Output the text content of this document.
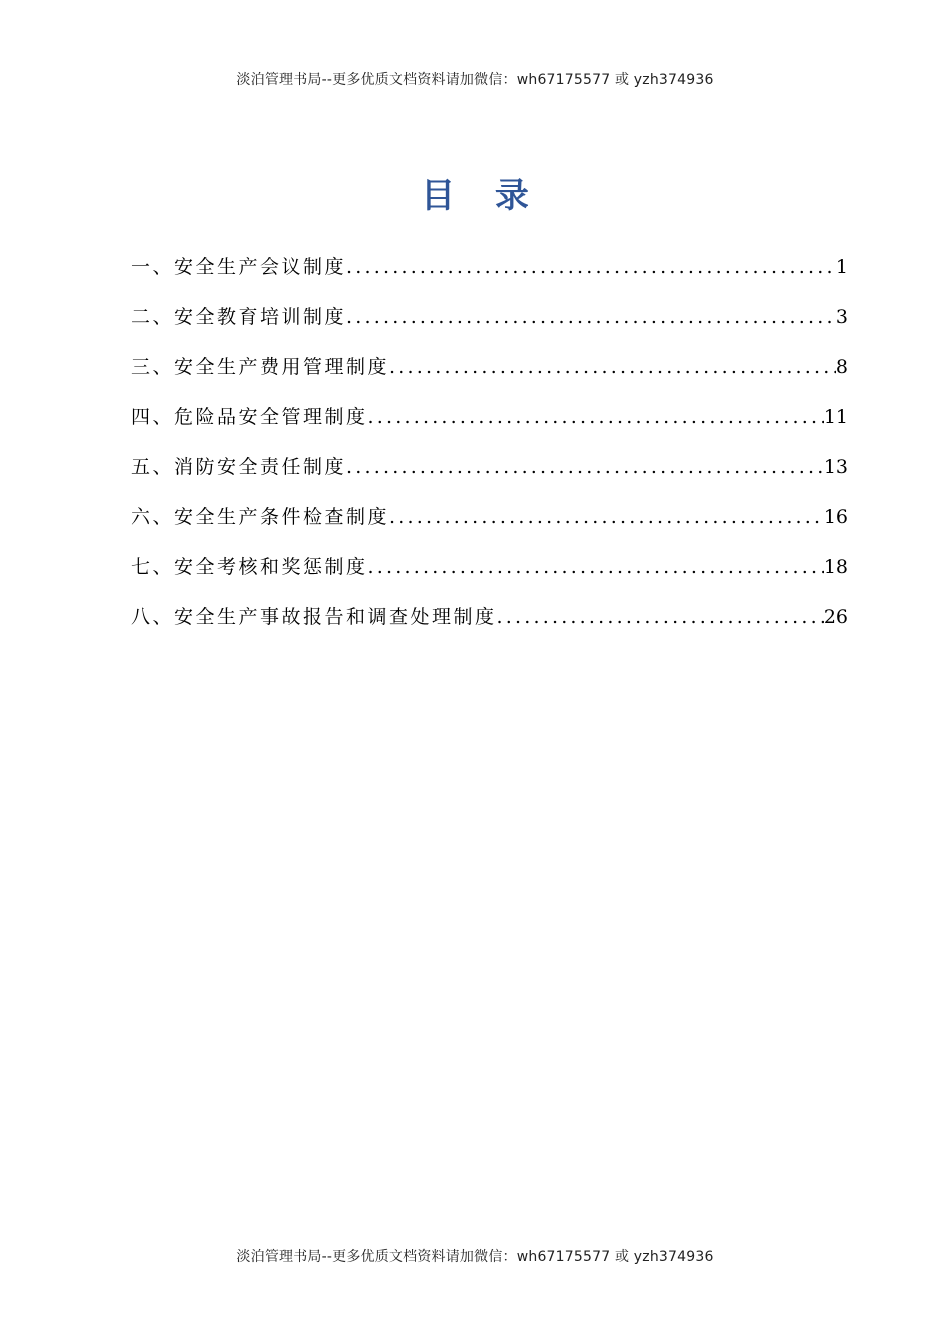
淡泊管理书局--更多优质文档资料请加微信：wh67175577 或 yzh374936
目 录
一、安全生产会议制度 .....	1
二、安全教育培训制度 .....	3
三、安全生产费用管理制度 .....	8
四、危险品安全管理制度 .....	11
五、消防安全责任制度 .....	13
六、安全生产条件检查制度 .....	16
七、安全考核和奖惩制度 .....	18
八、安全生产事故报告和调查处理制度 .....	26
淡泊管理书局--更多优质文档资料请加微信：wh67175577 或 yzh374936
